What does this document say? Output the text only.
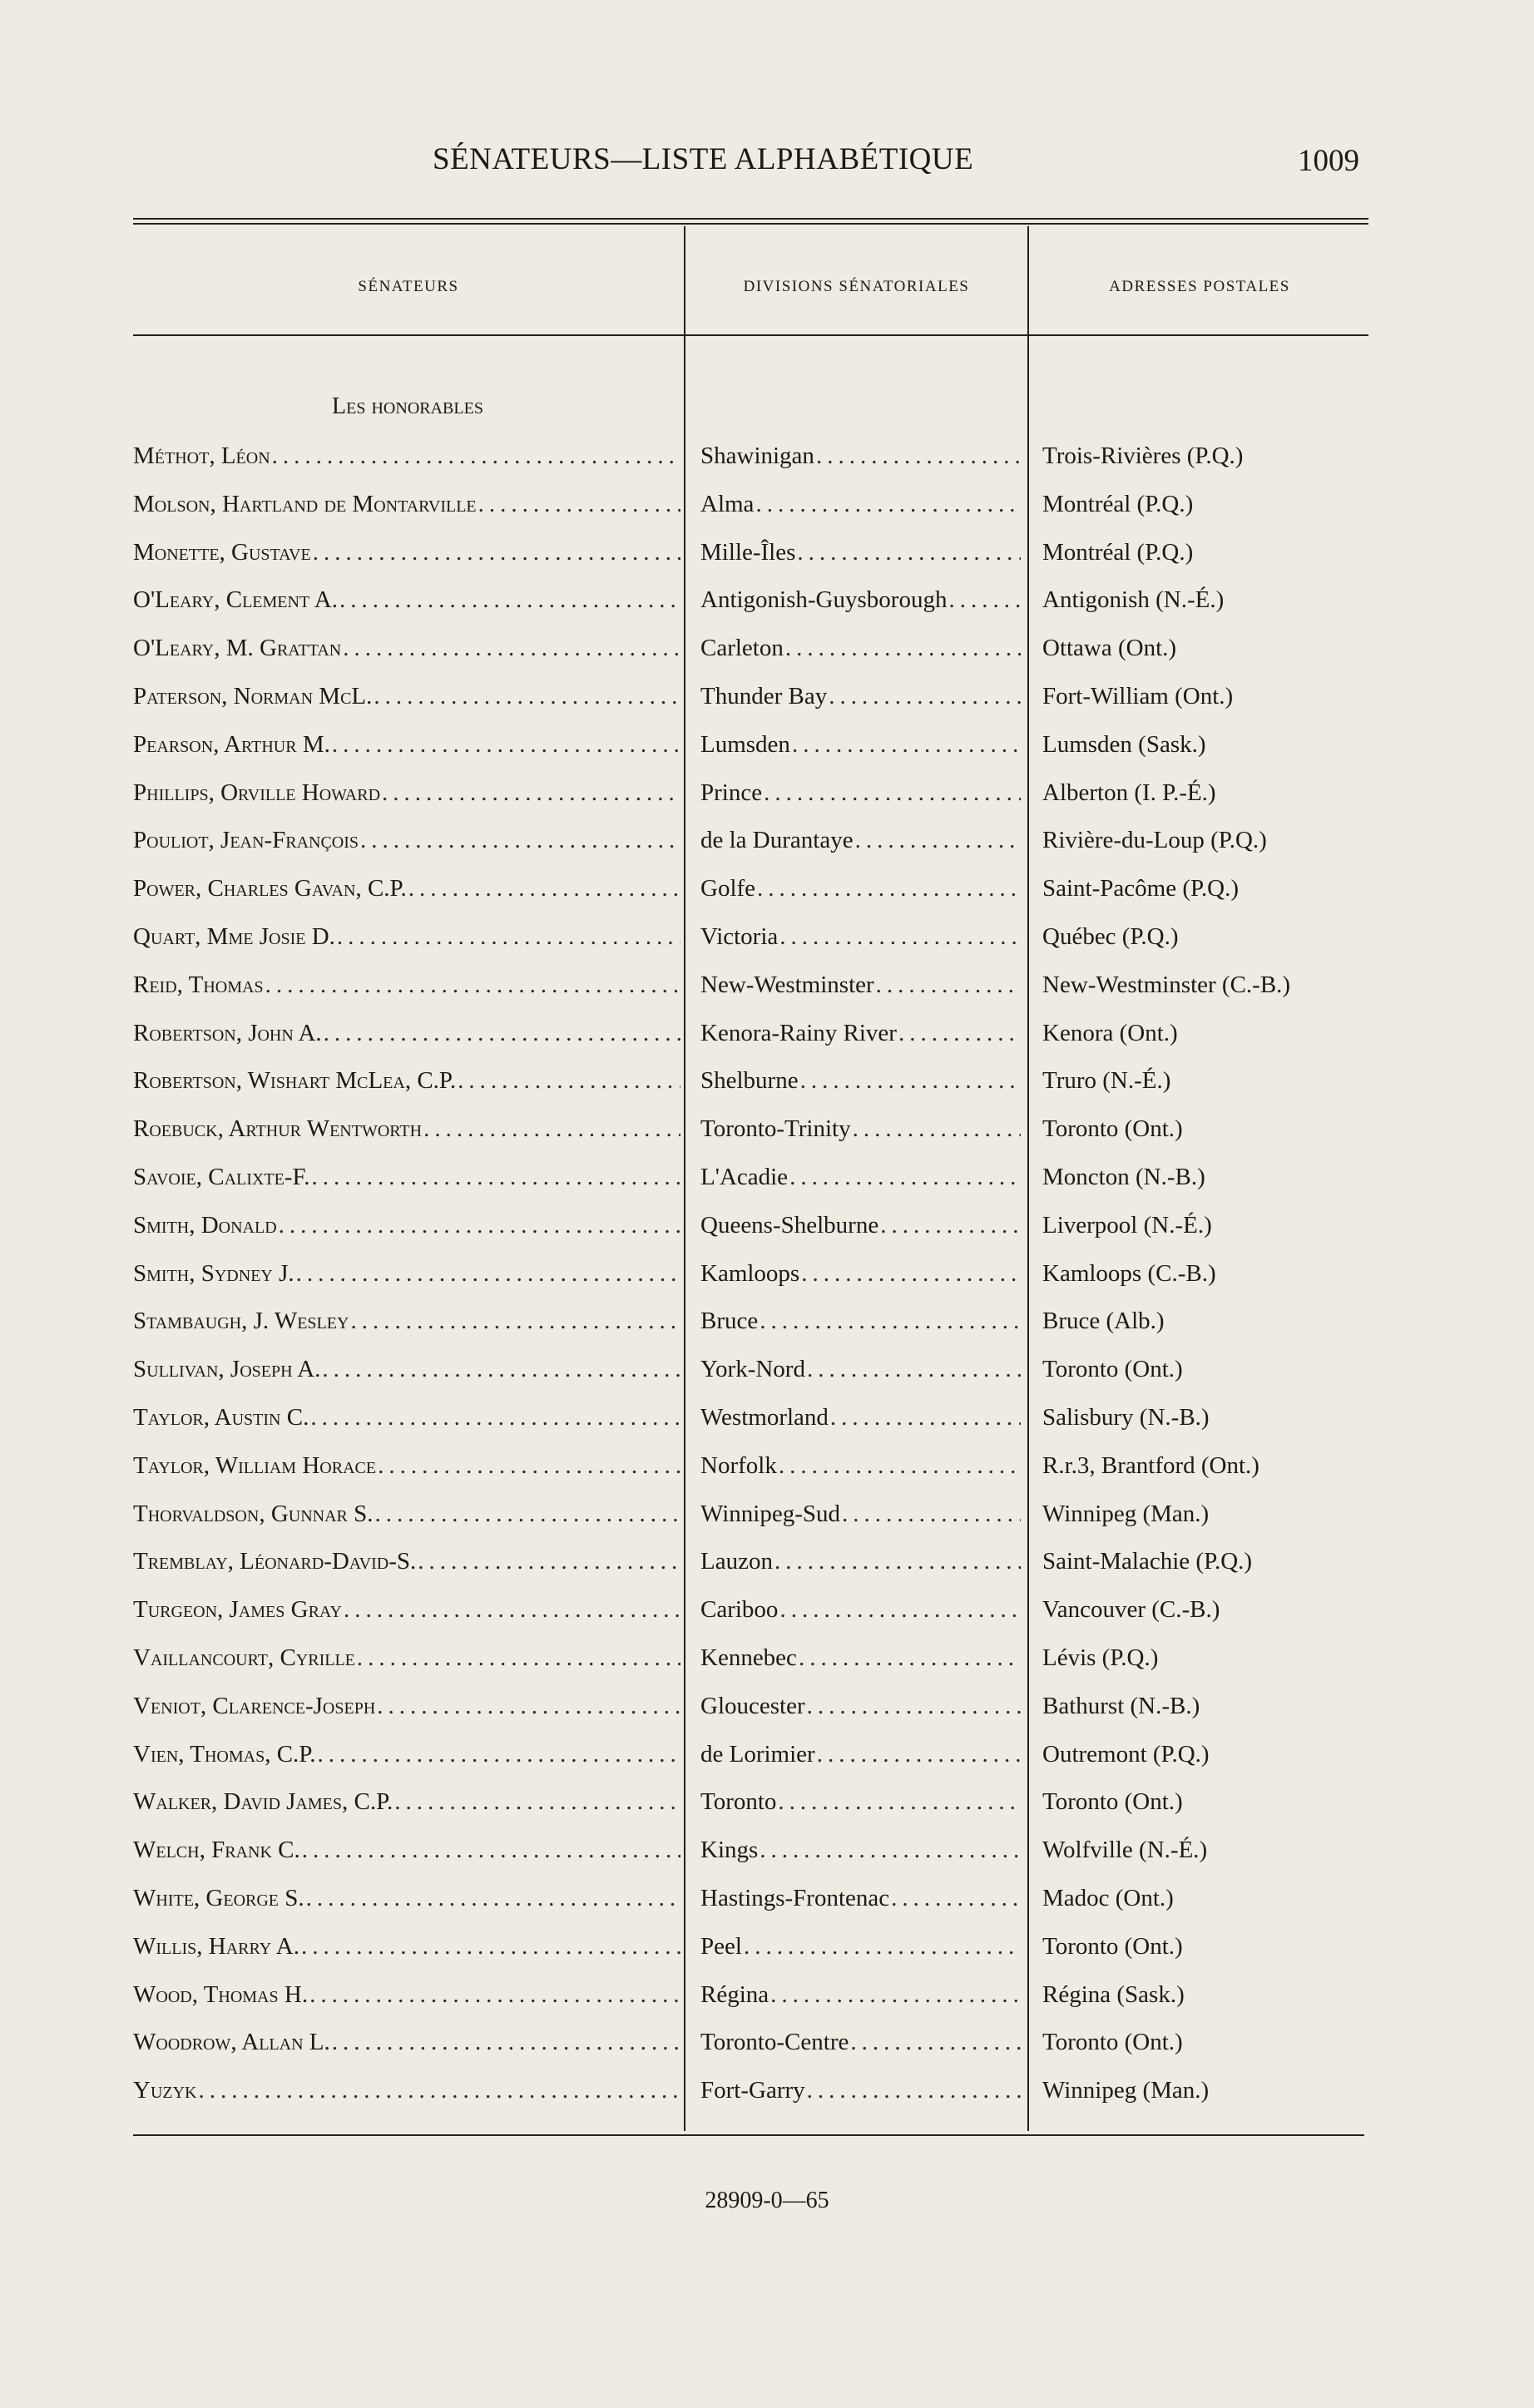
SÉNATEURS—LISTE ALPHABÉTIQUE	1009
SÉNATEURS	DIVISIONS SÉNATORIALES	ADRESSES POSTALES
Les honorables
Méthot, Léon .....	Shawinigan .....	Trois-Rivières (P.Q.)
Molson, Hartland de Montarville .....	Alma .....	Montréal (P.Q.)
Monette, Gustave .....	Mille-Îles .....	Montréal (P.Q.)
O'Leary, Clement A. .....	Antigonish-Guysborough .....	Antigonish (N.-É.)
O'Leary, M. Grattan .....	Carleton .....	Ottawa (Ont.)
Paterson, Norman McL. .....	Thunder Bay .....	Fort-William (Ont.)
Pearson, Arthur M. .....	Lumsden .....	Lumsden (Sask.)
Phillips, Orville Howard .....	Prince .....	Alberton (I. P.-É.)
Pouliot, Jean-François .....	de la Durantaye .....	Rivière-du-Loup (P.Q.)
Power, Charles Gavan, C.P. .....	Golfe .....	Saint-Pacôme (P.Q.)
Quart, Mme Josie D. .....	Victoria .....	Québec (P.Q.)
Reid, Thomas .....	New-Westminster .....	New-Westminster (C.-B.)
Robertson, John A. .....	Kenora-Rainy River .....	Kenora (Ont.)
Robertson, Wishart McLea, C.P. .....	Shelburne .....	Truro (N.-É.)
Roebuck, Arthur Wentworth .....	Toronto-Trinity .....	Toronto (Ont.)
Savoie, Calixte-F. .....	L'Acadie .....	Moncton (N.-B.)
Smith, Donald .....	Queens-Shelburne .....	Liverpool (N.-É.)
Smith, Sydney J. .....	Kamloops .....	Kamloops (C.-B.)
Stambaugh, J. Wesley .....	Bruce .....	Bruce (Alb.)
Sullivan, Joseph A. .....	York-Nord .....	Toronto (Ont.)
Taylor, Austin C. .....	Westmorland .....	Salisbury (N.-B.)
Taylor, William Horace .....	Norfolk .....	R.r.3, Brantford (Ont.)
Thorvaldson, Gunnar S. .....	Winnipeg-Sud .....	Winnipeg (Man.)
Tremblay, Léonard-David-S. .....	Lauzon .....	Saint-Malachie (P.Q.)
Turgeon, James Gray .....	Cariboo .....	Vancouver (C.-B.)
Vaillancourt, Cyrille .....	Kennebec .....	Lévis (P.Q.)
Veniot, Clarence-Joseph .....	Gloucester .....	Bathurst (N.-B.)
Vien, Thomas, C.P. .....	de Lorimier .....	Outremont (P.Q.)
Walker, David James, C.P. .....	Toronto .....	Toronto (Ont.)
Welch, Frank C. .....	Kings .....	Wolfville (N.-É.)
White, George S. .....	Hastings-Frontenac .....	Madoc (Ont.)
Willis, Harry A. .....	Peel .....	Toronto (Ont.)
Wood, Thomas H. .....	Régina .....	Régina (Sask.)
Woodrow, Allan L. .....	Toronto-Centre .....	Toronto (Ont.)
Yuzyk .....	Fort-Garry .....	Winnipeg (Man.)
28909-0—65
